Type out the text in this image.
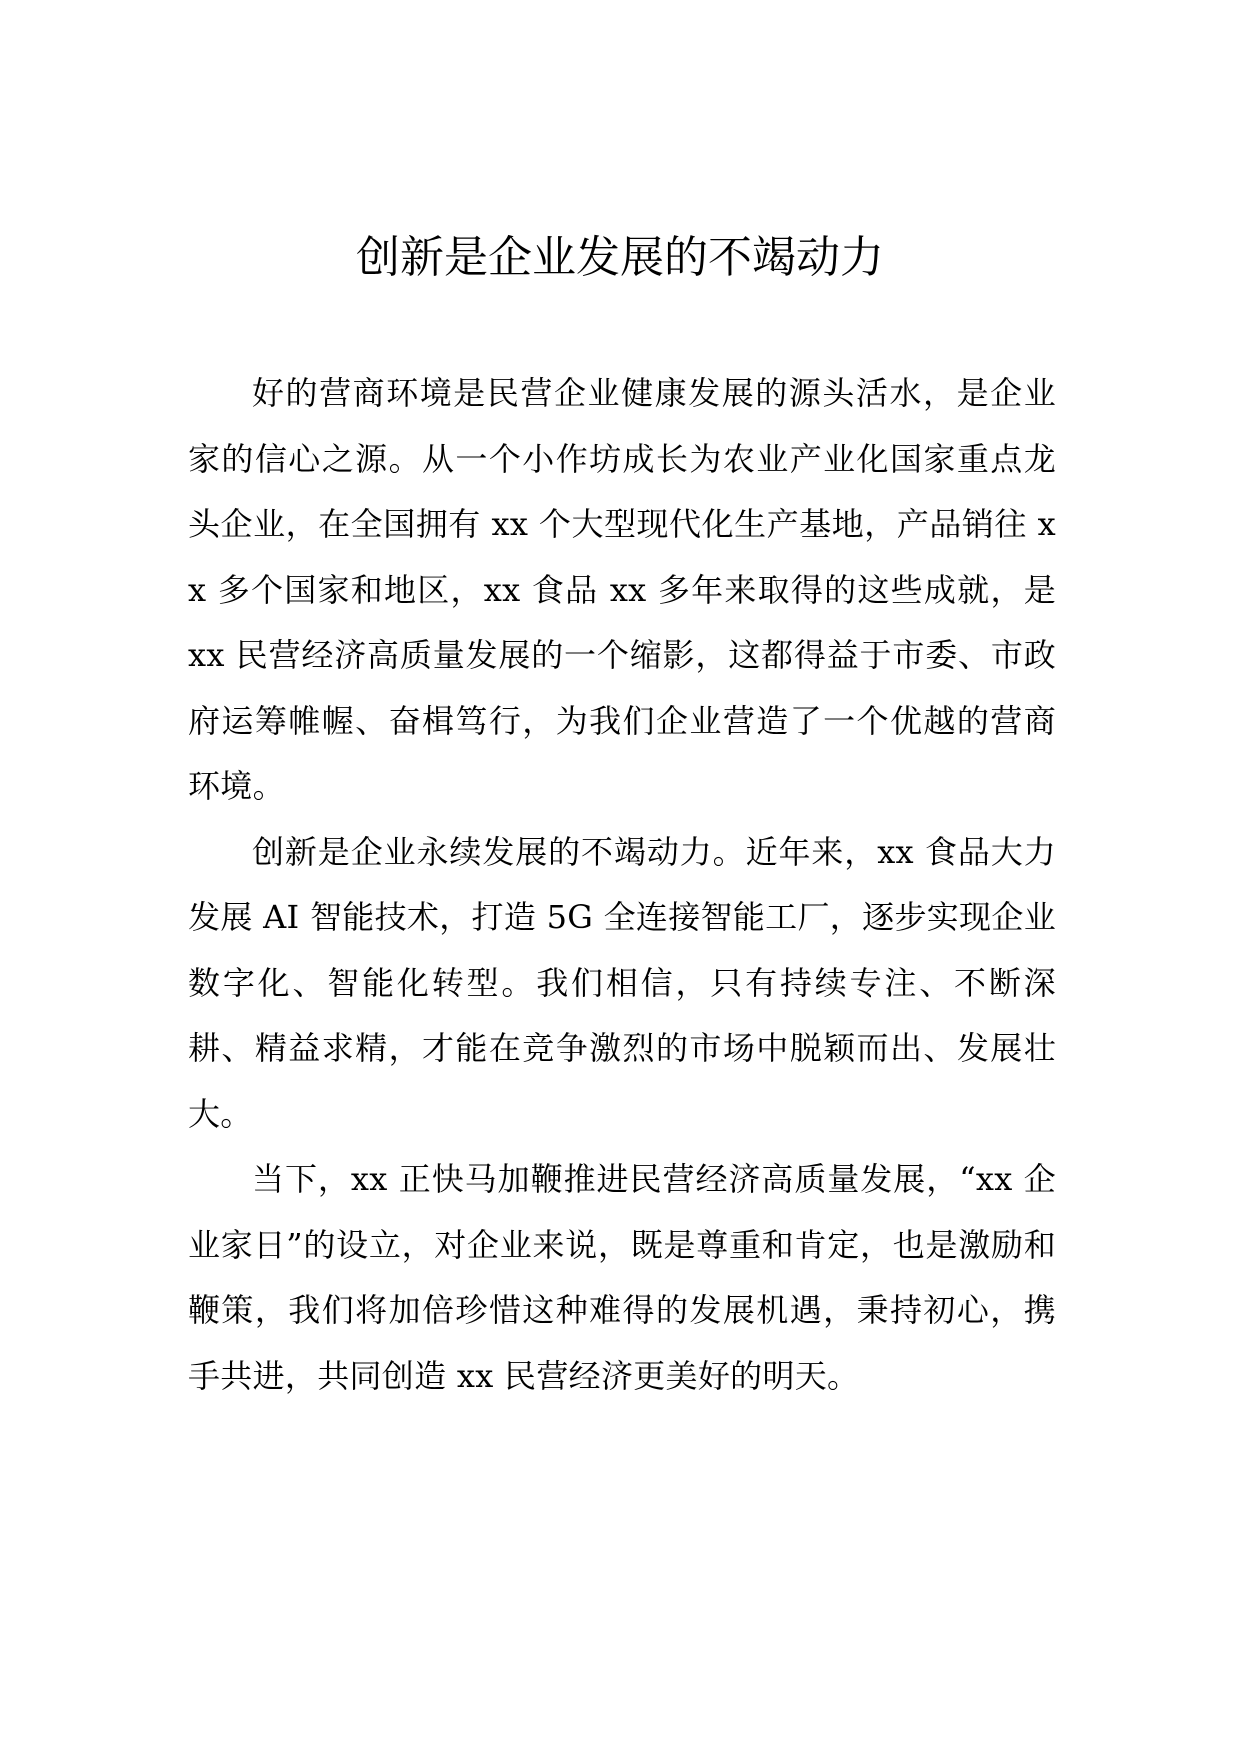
创新是企业发展的不竭动力

好的营商环境是民营企业健康发展的源头活水，是企业家的信心之源。从一个小作坊成长为农业产业化国家重点龙头企业，在全国拥有 xx 个大型现代化生产基地，产品销往 xx 多个国家和地区，xx 食品 xx 多年来取得的这些成就，是 xx 民营经济高质量发展的一个缩影，这都得益于市委、市政府运筹帷幄、奋楫笃行，为我们企业营造了一个优越的营商环境。

创新是企业永续发展的不竭动力。近年来，xx 食品大力发展 AI 智能技术，打造 5G 全连接智能工厂，逐步实现企业数字化、智能化转型。我们相信，只有持续专注、不断深耕、精益求精，才能在竞争激烈的市场中脱颖而出、发展壮大。

当下，xx 正快马加鞭推进民营经济高质量发展，“xx 企业家日”的设立，对企业来说，既是尊重和肯定，也是激励和鞭策，我们将加倍珍惜这种难得的发展机遇，秉持初心，携手共进，共同创造 xx 民营经济更美好的明天。
